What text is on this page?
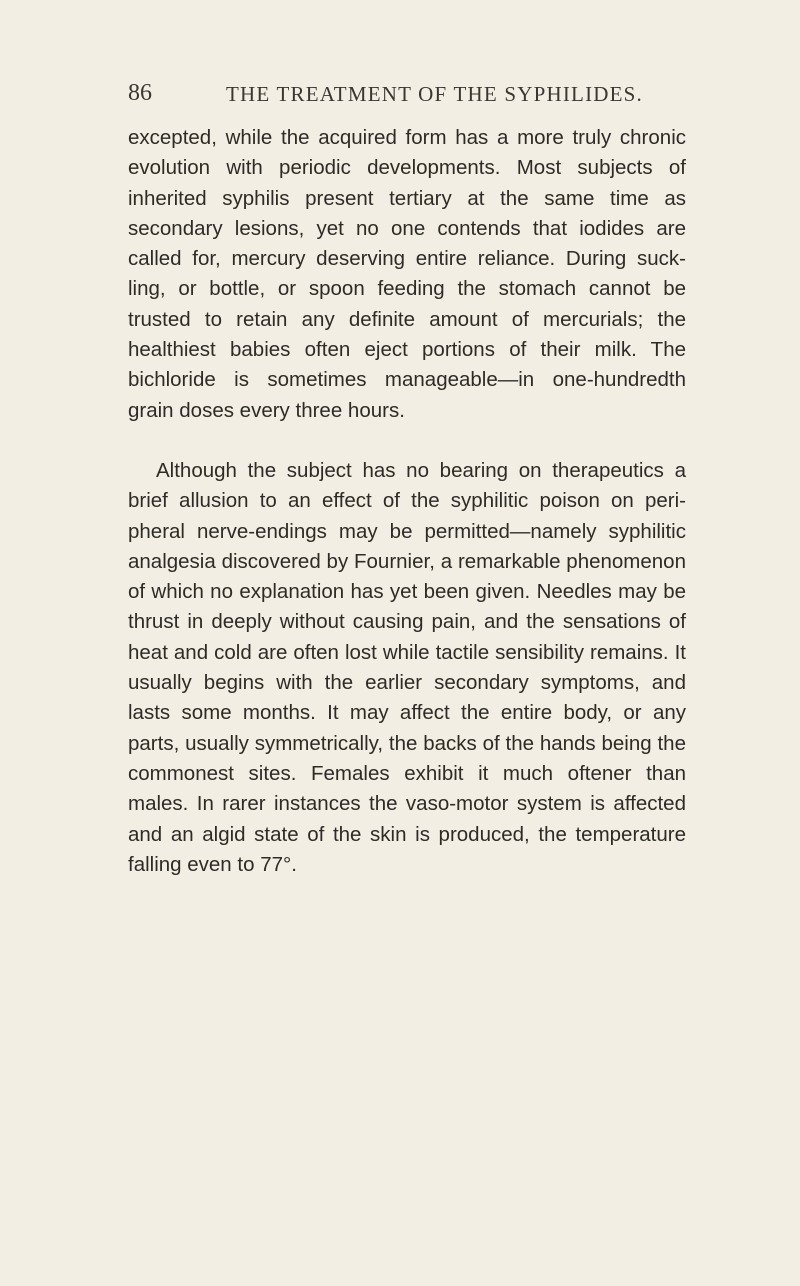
86	THE TREATMENT OF THE SYPHILIDES.

excepted, while the acquired form has a more truly chronic evolution with periodic developments. Most subjects of inherited syphilis present tertiary at the same time as secondary lesions, yet no one contends that iodides are called for, mercury deserving entire reliance. During suck-ling, or bottle, or spoon feeding the stomach cannot be trusted to retain any definite amount of mercurials; the healthiest babies often eject portions of their milk. The bichloride is sometimes manageable—in one-hundredth grain doses every three hours.

Although the subject has no bearing on therapeutics a brief allusion to an effect of the syphilitic poison on peri-pheral nerve-endings may be permitted—namely syphilitic analgesia discovered by Fournier, a remarkable phenomenon of which no explanation has yet been given. Needles may be thrust in deeply without causing pain, and the sensations of heat and cold are often lost while tactile sensibility remains. It usually begins with the earlier secondary symptoms, and lasts some months. It may affect the entire body, or any parts, usually symmetrically, the backs of the hands being the commonest sites. Females exhibit it much oftener than males. In rarer instances the vaso-motor system is affected and an algid state of the skin is produced, the temperature falling even to 77°.
